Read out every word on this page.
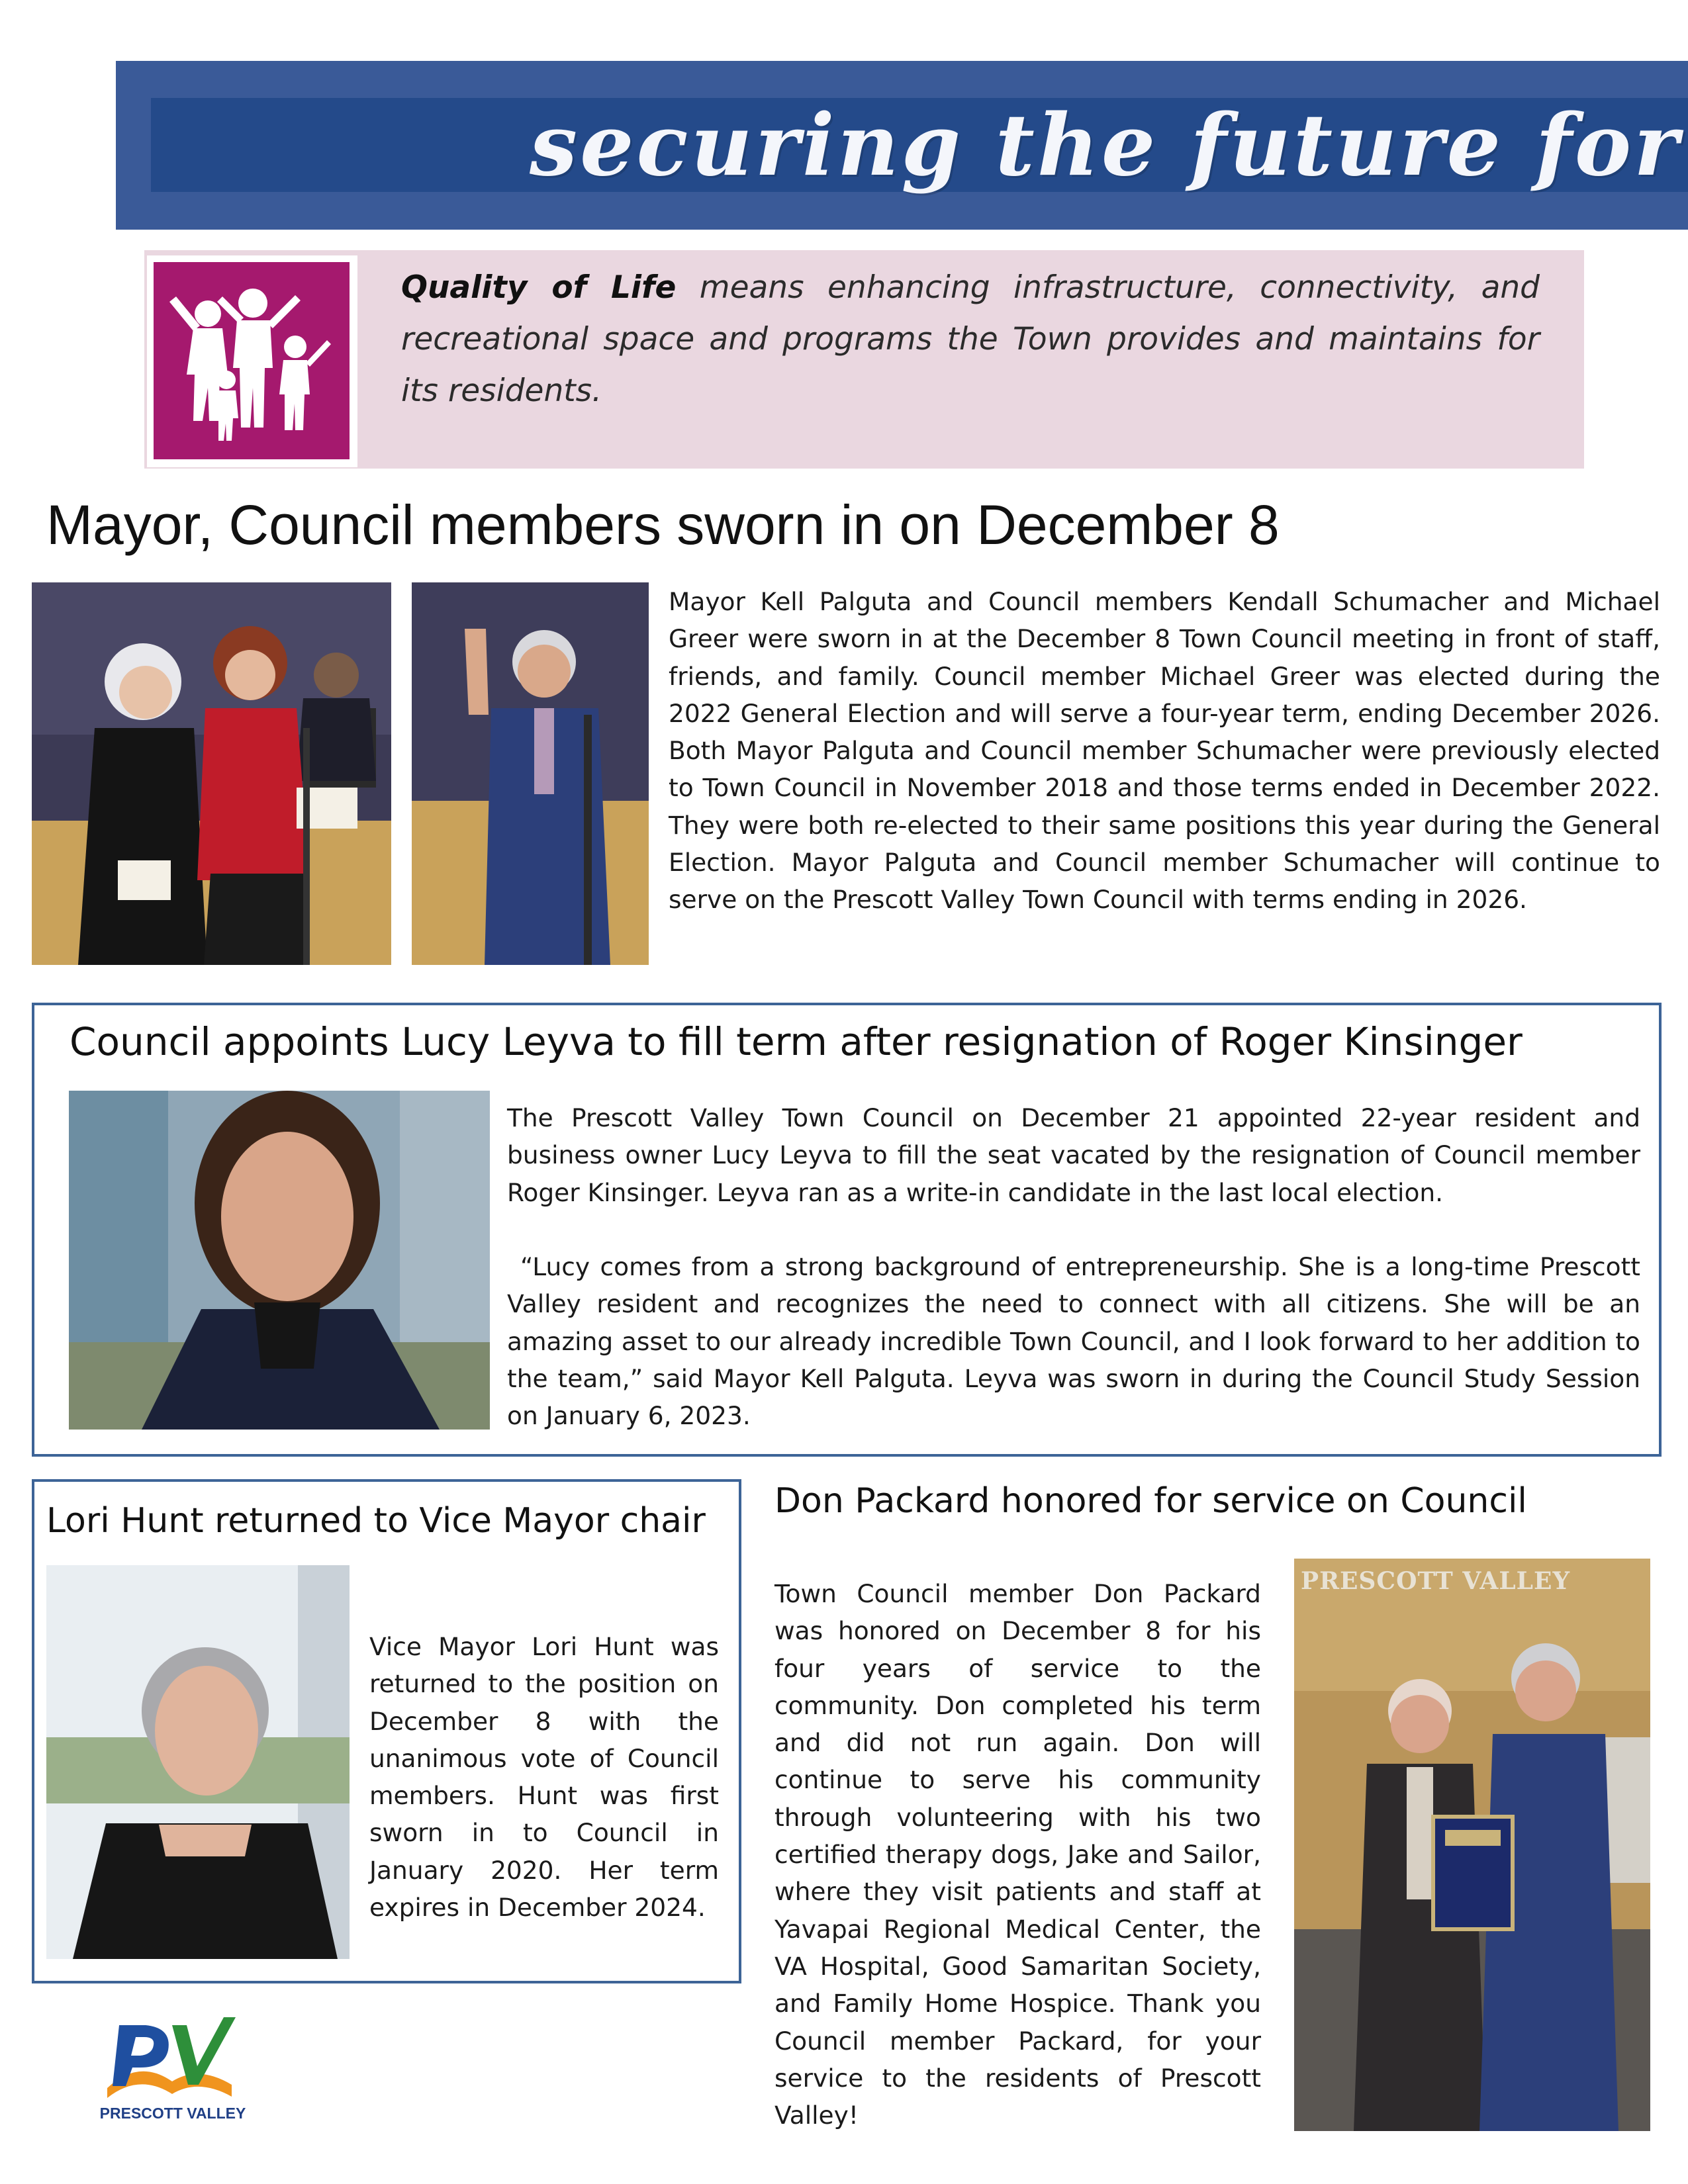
securing the future for
Quality of Life means enhancing infrastructure, connectivity, and recreational space and programs the Town provides and maintains for its residents.
Mayor, Council members sworn in on December 8
Mayor Kell Palguta and Council members Kendall Schumacher and Michael Greer were sworn in at the December 8 Town Council meeting in front of staff, friends, and family. Council member Michael Greer was elected during the 2022 General Election and will serve a four-year term, ending December 2026. Both Mayor Palguta and Council member Schumacher were previously elected to Town Council in November 2018 and those terms ended in December 2022. They were both re-elected to their same positions this year during the General Election. Mayor Palguta and Council member Schumacher will continue to serve on the Prescott Valley Town Council with terms ending in 2026.
Council appoints Lucy Leyva to fill term after resignation of Roger Kinsinger
The Prescott Valley Town Council on December 21 appointed 22-year resident and business owner Lucy Leyva to fill the seat vacated by the resignation of Council member Roger Kinsinger. Leyva ran as a write-in candidate in the last local election.
“Lucy comes from a strong background of entrepreneurship. She is a long-time Prescott Valley resident and recognizes the need to connect with all citizens. She will be an amazing asset to our already incredible Town Council, and I look forward to her addition to the team,” said Mayor Kell Palguta. Leyva was sworn in during the Council Study Session on January 6, 2023.
Lori Hunt returned to Vice Mayor chair
Vice Mayor Lori Hunt was returned to the position on December 8 with the unanimous vote of Council members. Hunt was first sworn in to Council in January 2020. Her term expires in December 2024.
Don Packard honored for service on Council
Town Council member Don Packard was honored on December 8 for his four years of service to the community. Don completed his term and did not run again. Don will continue to serve his community through volunteering with his two certified therapy dogs, Jake and Sailor, where they visit patients and staff at Yavapai Regional Medical Center, the VA Hospital, Good Samaritan Society, and Family Home Hospice. Thank you Council member Packard, for your service to the residents of Prescott Valley!
PRESCOTT VALLEY
PRESCOTT VALLEY
